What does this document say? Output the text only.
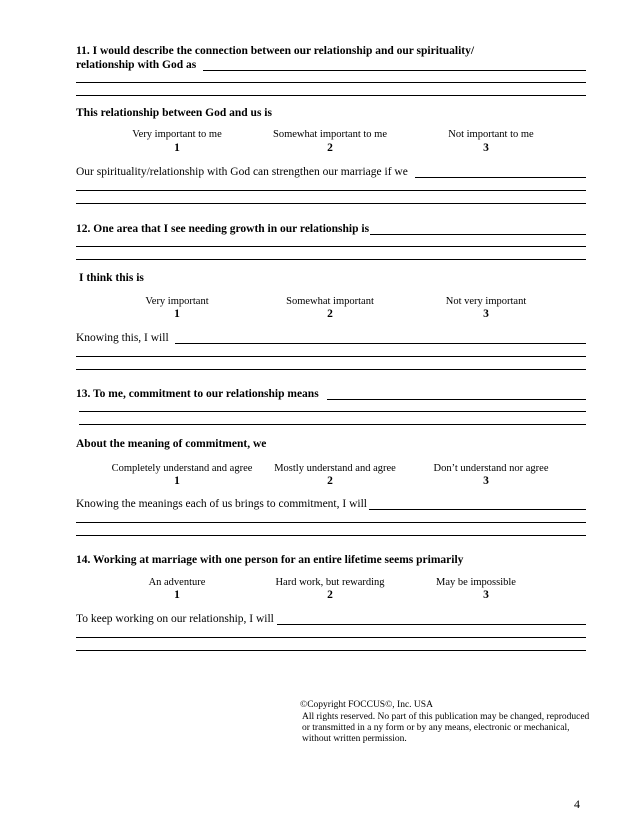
11. I would describe the connection between our relationship and our spirituality/
relationship with God as
This relationship between God and us is
Very important to me	Somewhat important to me	Not important to me
1	2	3
Our spirituality/relationship with God can strengthen our marriage if we
12. One area that I see needing growth in our relationship is
I think this is
Very important	Somewhat important	Not very important
1	2	3
Knowing this, I will
13. To me, commitment to our relationship means
About the meaning of commitment, we
Completely understand and agree	Mostly understand and agree	Don’t understand nor agree
1	2	3
Knowing the meanings each of us brings to commitment, I will
14. Working at marriage with one person for an entire lifetime seems primarily
An adventure	Hard work, but rewarding	May be impossible
1	2	3
To keep working on our relationship, I will
©Copyright FOCCUS©, Inc. USA
All rights reserved. No part of this publication may be changed, reproduced
or transmitted in a ny form or by any means, electronic or mechanical,
without written permission.
4
